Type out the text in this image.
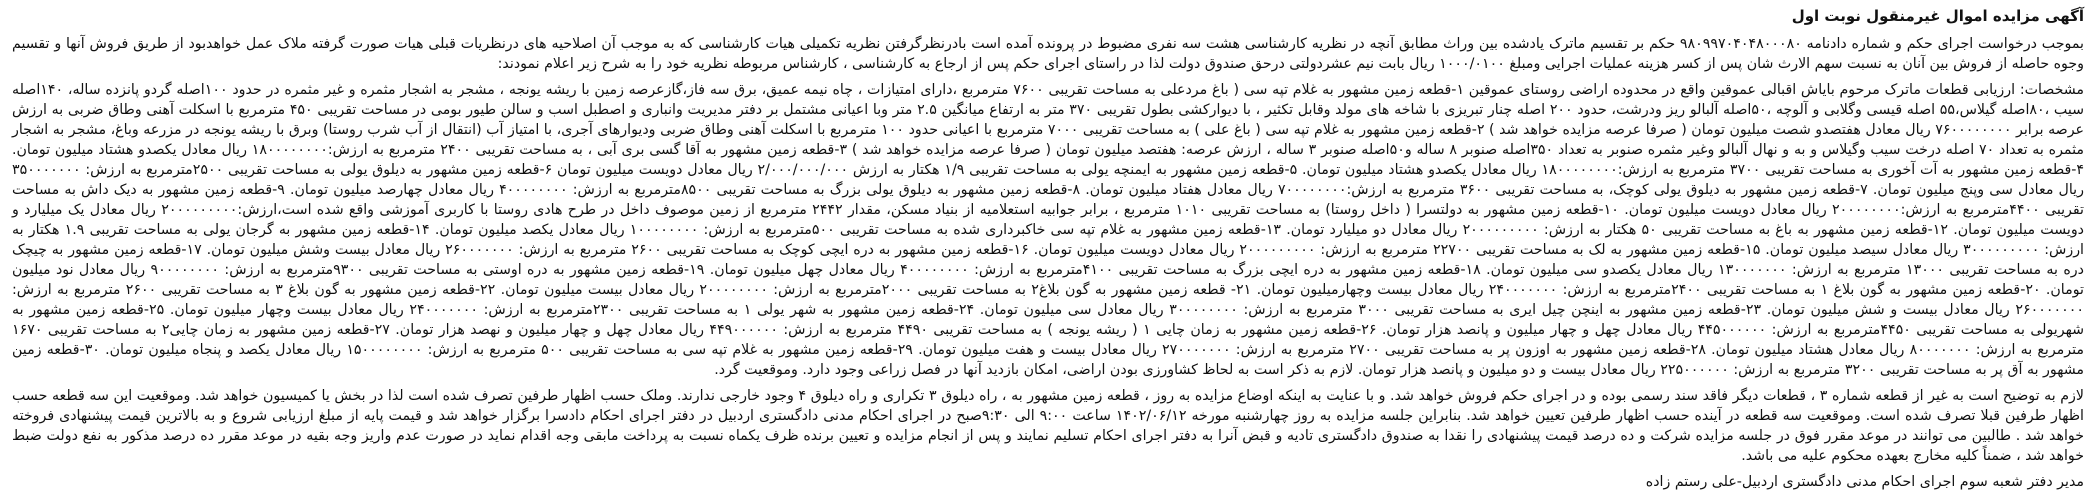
آگهی مزایده اموال غیرمنقول نوبت اول
بموجب درخواست اجرای حکم و شماره دادنامه ۹۸۰۹۹۷۰۴۰۴۸۰۰۰۸۰ حکم بر تقسیم ماترک یادشده بین وراث مطابق آنچه در نظریه کارشناسی هشت سه نفری مضبوط در پرونده آمده است بادرنظرگرفتن نظریه تکمیلی هیات کارشناسی که به موجب آن اصلاحیه های درنظریات قبلی هیات صورت گرفته ملاک عمل خواهدبود از طریق فروش آنها و تقسیم وجوه حاصله از فروش بین آنان به نسبت سهم الارث شان پس از کسر هزینه عملیات اجرایی ومبلغ ۱۰۰۰/۰۱۰۰ ریال بابت نیم عشردولتی درحق صندوق دولت لذا در راستای اجرای حکم پس از ارجاع به کارشناسی ، کارشناس مربوطه نظریه خود را به شرح زیر اعلام نمودند:
مشخصات: ارزیابی قطعات ماترک مرحوم بایاش اقبالی عموقین واقع در محدوده اراضی روستای عموقین ۱-قطعه زمین مشهور به غلام تپه سی ( باغ مردعلی به مساحت تقریبی ۷۶۰۰ مترمربع ،دارای امتیازات ، چاه نیمه عمیق، برق سه فاز،گازعرصه زمین با ریشه یونجه ، مشجر به اشجار مثمره و غیر مثمره در حدود ۱۰۰اصله گردو پانزده ساله، ۱۴۰اصله سیب ،۸۰اصله گیلاس،۵۵ اصله قیسی وگلابی و آلوچه ،۵۰اصله آلبالو ریز ودرشت، حدود ۲۰۰ اصله چنار تبریزی با شاخه های مولد وقابل تکثیر ، با دیوارکشی بطول تقریبی ۳۷۰ متر به ارتفاع میانگین ۲.۵ متر وبا اعیانی مشتمل بر دفتر مدیریت وانباری و اصطبل اسب و سالن طیور بومی در مساحت تقریبی ۴۵۰ مترمربع با اسکلت آهنی وطاق ضربی به ارزش عرصه برابر ۷۶۰۰۰۰۰۰۰۰ ریال معادل هفتصدو شصت میلیون تومان ( صرفا عرصه مزایده خواهد شد ) ۲-قطعه زمین مشهور به غلام تپه سی ( باغ علی ) به مساحت تقریبی ۷۰۰۰ مترمربع با اعیانی حدود ۱۰۰ مترمربع با اسکلت آهنی وطاق ضربی ودیوارهای آجری، با امتیاز آب (انتقال از آب شرب روستا) وبرق با ریشه یونجه در مزرعه وباغ، مشجر به اشجار مثمره به تعداد ۷۰ اصله درخت سیب وگیلاس و به و نهال آلبالو وغیر مثمره صنوبر به تعداد ۳۵۰اصله صنوبر ۸ ساله و۵۰اصله صنوبر ۳ ساله ، ارزش عرصه: هفتصد میلیون تومان ( صرفا عرصه مزایده خواهد شد ) ۳-قطعه زمین مشهور به آقا گسی بری آبی ، به مساحت تقریبی ۲۴۰۰ مترمربع به ارزش:۱۸۰۰۰۰۰۰۰۰ ریال معادل یکصدو هشتاد میلیون تومان. ۴-قطعه زمین مشهور به آت آخوری به مساحت تقریبی ۳۷۰۰ مترمربع به ارزش:۱۸۰۰۰۰۰۰۰۰ ریال معادل یکصدو هشتاد میلیون تومان. ۵-قطعه زمین مشهور به ایمنچه یولی به مساحت تقریبی ۱/۹ هکتار به ارزش ۲/۰۰۰/۰۰۰/۰۰۰ ریال معادل دویست میلیون تومان ۶-قطعه زمین مشهور به دیلوق یولی به مساحت تقریبی ۲۵۰۰مترمربع به ارزش: ۳۵۰۰۰۰۰۰۰ ریال معادل سی وپنج میلیون تومان. ۷-قطعه زمین مشهور به دیلوق یولی کوچک، به مساحت تقریبی ۳۶۰۰ مترمربع به ارزش:۷۰۰۰۰۰۰۰۰ ریال معادل هفتاد میلیون تومان. ۸-قطعه زمین مشهور به دیلوق یولی بزرگ به مساحت تقریبی ۸۵۰۰مترمربع به ارزش: ۴۰۰۰۰۰۰۰۰ ریال معادل چهارصد میلیون تومان. ۹-قطعه زمین مشهور به دیک داش به مساحت تقریبی ۴۴۰۰مترمربع به ارزش:۲۰۰۰۰۰۰۰۰ ریال معادل دویست میلیون تومان. ۱۰-قطعه زمین مشهور به دولتسرا ( داخل روستا) به مساحت تقریبی ۱۰۱۰ مترمربع ، برابر جوابیه استعلامیه از بنیاد مسکن، مقدار ۲۴۴۲ مترمربع از زمین موصوف داخل در طرح هادی روستا با کاربری آموزشی واقع شده است،ارزش:۲۰۰۰۰۰۰۰۰۰ ریال معادل یک میلیارد و دویست میلیون تومان. ۱۲-قطعه زمین مشهور به باغ به مساحت تقریبی ۵۰ هکتار به ارزش: ۲۰۰۰۰۰۰۰۰۰ ریال معادل دو میلیارد تومان. ۱۳-قطعه زمین مشهور به غلام تپه سی خاکبرداری شده به مساحت تقریبی ۵۰۰مترمربع به ارزش: ۱۰۰۰۰۰۰۰۰ ریال معادل یکصد میلیون تومان. ۱۴-قطعه زمین مشهور به گرجان یولی به مساحت تقریبی ۱.۹ هکتار به ارزش: ۳۰۰۰۰۰۰۰۰۰ ریال معادل سیصد میلیون تومان. ۱۵-قطعه زمین مشهور به لک به مساحت تقریبی ۲۲۷۰۰ مترمربع به ارزش: ۲۰۰۰۰۰۰۰۰۰ ریال معادل دویست میلیون تومان. ۱۶-قطعه زمین مشهور به دره ایچی کوچک به مساحت تقریبی ۲۶۰۰ مترمربع به ارزش: ۲۶۰۰۰۰۰۰۰ ریال معادل بیست وشش میلیون تومان. ۱۷-قطعه زمین مشهور به چیچک دره به مساحت تقریبی ۱۳۰۰۰ مترمربع به ارزش: ۱۳۰۰۰۰۰۰۰ ریال معادل یکصدو سی میلیون تومان. ۱۸-قطعه زمین مشهور به دره ایچی بزرگ به مساحت تقریبی ۴۱۰۰مترمربع به ارزش: ۴۰۰۰۰۰۰۰۰ ریال معادل چهل میلیون تومان. ۱۹-قطعه زمین مشهور به دره اوستی به مساحت تقریبی ۹۳۰۰مترمربع به ارزش: ۹۰۰۰۰۰۰۰۰ ریال معادل نود میلیون تومان. ۲۰-قطعه زمین مشهور به گون بلاغ ۱ به مساحت تقریبی ۲۴۰۰مترمربع به ارزش: ۲۴۰۰۰۰۰۰۰ ریال معادل بیست وچهارمیلیون تومان. ۲۱- قطعه زمین مشهور به گون بلاغ۲ به مساحت تقریبی ۲۰۰۰مترمربع به ارزش: ۲۰۰۰۰۰۰۰۰ ریال معادل بیست میلیون تومان. ۲۲-قطعه زمین مشهور به گون بلاغ ۳ به مساحت تقریبی ۲۶۰۰ مترمربع به ارزش: ۲۶۰۰۰۰۰۰۰ ریال معادل بیست و شش میلیون تومان. ۲۳-قطعه زمین مشهور به اینچن چیل ایری به مساحت تقریبی ۳۰۰۰ مترمربع به ارزش: ۳۰۰۰۰۰۰۰۰ ریال معادل سی میلیون تومان. ۲۴-قطعه زمین مشهور به شهر یولی ۱ به مساحت تقریبی ۲۳۰۰مترمربع به ارزش: ۲۴۰۰۰۰۰۰۰ ریال معادل بیست وچهار میلیون تومان. ۲۵-قطعه زمین مشهور به شهریولی به مساحت تقریبی ۴۴۵۰مترمربع به ارزش: ۴۴۵۰۰۰۰۰۰ ریال معادل چهل و چهار میلیون و پانصد هزار تومان. ۲۶-قطعه زمین مشهور به زمان چایی ۱ ( ریشه یونجه ) به مساحت تقریبی ۴۴۹۰ مترمربع به ارزش: ۴۴۹۰۰۰۰۰۰ ریال معادل چهل و چهار میلیون و نهصد هزار تومان. ۲۷-قطعه زمین مشهور به زمان چایی۲ به مساحت تقریبی ۱۶۷۰ مترمربع به ارزش: ۸۰۰۰۰۰۰۰ ریال معادل هشتاد میلیون تومان. ۲۸-قطعه زمین مشهور به اوزون پر به مساحت تقریبی ۲۷۰۰ مترمربع به ارزش: ۲۷۰۰۰۰۰۰۰ ریال معادل بیست و هفت میلیون تومان. ۲۹-قطعه زمین مشهور به غلام تپه سی به مساحت تقریبی ۵۰۰ مترمربع به ارزش: ۱۵۰۰۰۰۰۰۰۰ ریال معادل یکصد و پنجاه میلیون تومان. ۳۰-قطعه زمین مشهور به آق پر به مساحت تقریبی ۳۲۰۰ مترمربع به ارزش: ۲۲۵۰۰۰۰۰۰ ریال معادل بیست و دو میلیون و پانصد هزار تومان. لازم به ذکر است به لحاظ کشاورزی بودن اراضی، امکان بازدید آنها در فصل زراعی وجود دارد. وموقعیت گرد.
لازم به توضیح است به غیر از قطعه شماره ۳ ، قطعات دیگر فاقد سند رسمی بوده و در اجرای حکم فروش خواهد شد. و با عنایت به اینکه اوضاع مزایده به روز ، قطعه زمین مشهور به ، راه دیلوق ۳ تکراری و راه دیلوق ۴ وجود خارجی ندارند. وملک حسب اظهار طرفین تصرف شده است لذا در بخش یا کمیسیون خواهد شد. وموقعیت این سه قطعه حسب اظهار طرفین قبلا تصرف شده است. وموقعیت سه قطعه در آینده حسب اظهار طرفین تعیین خواهد شد. بنابراین جلسه مزایده به روز چهارشنبه مورخه ۱۴۰۲/۰۶/۱۲ ساعت ۹:۰۰ الی ۹:۳۰صبح در اجرای احکام مدنی دادگستری اردبیل در دفتر اجرای احکام دادسرا برگزار خواهد شد و قیمت پایه از مبلغ ارزیابی شروع و به بالاترین قیمت پیشنهادی فروخته خواهد شد . طالبین می توانند در موعد مقرر فوق در جلسه مزایده شرکت و ده درصد قیمت پیشنهادی را نقدا به صندوق دادگستری تادیه و قبض آنرا به دفتر اجرای احکام تسلیم نمایند و پس از انجام مزایده و تعیین برنده ظرف یکماه نسبت به پرداخت مابقی وجه اقدام نماید در صورت عدم واریز وجه بقیه در موعد مقرر ده درصد مذکور به نفع دولت ضبط خواهد شد ، ضمناً کلیه مخارج بعهده محکوم علیه می باشد.
مدیر دفتر شعبه سوم اجرای احکام مدنی دادگستری اردبیل-علی رستم زاده
